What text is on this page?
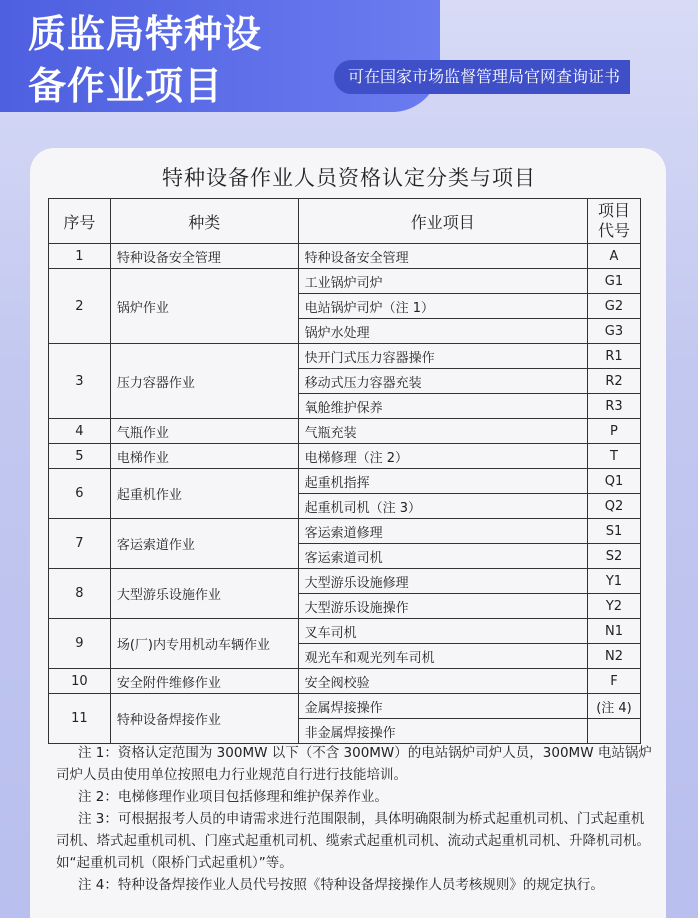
质监局特种设
备作业项目	可在国家市场监督管理局官网查询证书
特种设备作业人员资格认定分类与项目
序号	种类	作业项目	项目代号
1	特种设备安全管理	特种设备安全管理	A
2	锅炉作业	工业锅炉司炉	G1
		电站锅炉司炉（注 1）	G2
		锅炉水处理	G3
3	压力容器作业	快开门式压力容器操作	R1
		移动式压力容器充装	R2
		氧舱维护保养	R3
4	气瓶作业	气瓶充装	P
5	电梯作业	电梯修理（注 2）	T
6	起重机作业	起重机指挥	Q1
		起重机司机（注 3）	Q2
7	客运索道作业	客运索道修理	S1
		客运索道司机	S2
8	大型游乐设施作业	大型游乐设施修理	Y1
		大型游乐设施操作	Y2
9	场(厂)内专用机动车辆作业	叉车司机	N1
		观光车和观光列车司机	N2
10	安全附件维修作业	安全阀校验	F
11	特种设备焊接作业	金属焊接操作	(注 4)
		非金属焊接操作	

注 1：资格认定范围为 300MW 以下（不含 300MW）的电站锅炉司炉人员，300MW 电站锅炉司炉人员由使用单位按照电力行业规范自行进行技能培训。

注 2：电梯修理作业项目包括修理和维护保养作业。

注 3：可根据报考人员的申请需求进行范围限制，具体明确限制为桥式起重机司机、门式起重机司机、塔式起重机司机、门座式起重机司机、缆索式起重机司机、流动式起重机司机、升降机司机。如“起重机司机（限桥门式起重机）”等。

注 4：特种设备焊接作业人员代号按照《特种设备焊接操作人员考核规则》的规定执行。
